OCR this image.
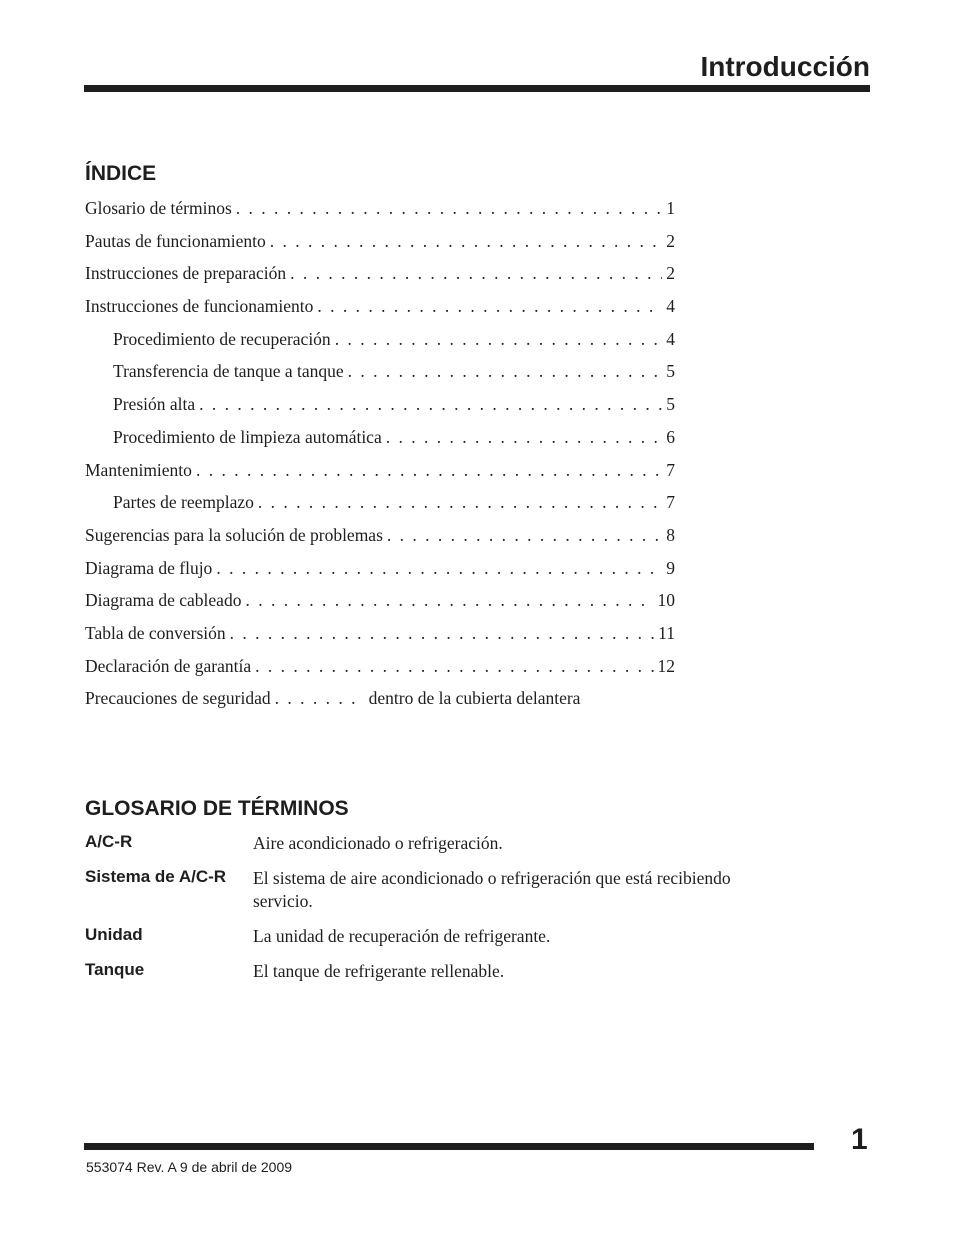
Introducción
ÍNDICE
Glosario de términos . . .	1
Pautas de funcionamiento . . .	2
Instrucciones de preparación . . .	2
Instrucciones de funcionamiento . . .	4
Procedimiento de recuperación . . .	4
Transferencia de tanque a tanque . . .	5
Presión alta . . .	5
Procedimiento de limpieza automática . . .	6
Mantenimiento . . .	7
Partes de reemplazo . . .	7
Sugerencias para la solución de problemas . . .	8
Diagrama de flujo . . .	9
Diagrama de cableado . . .	10
Tabla de conversión . . .	11
Declaración de garantía . . .	12
Precauciones de seguridad . . .	dentro de la cubierta delantera
GLOSARIO DE TÉRMINOS
A/C-R	Aire acondicionado o refrigeración.
Sistema de A/C-R	El sistema de aire acondicionado o refrigeración que está recibiendo servicio.
Unidad	La unidad de recuperación de refrigerante.
Tanque	El tanque de refrigerante rellenable.
1
553074 Rev. A 9 de abril de 2009
